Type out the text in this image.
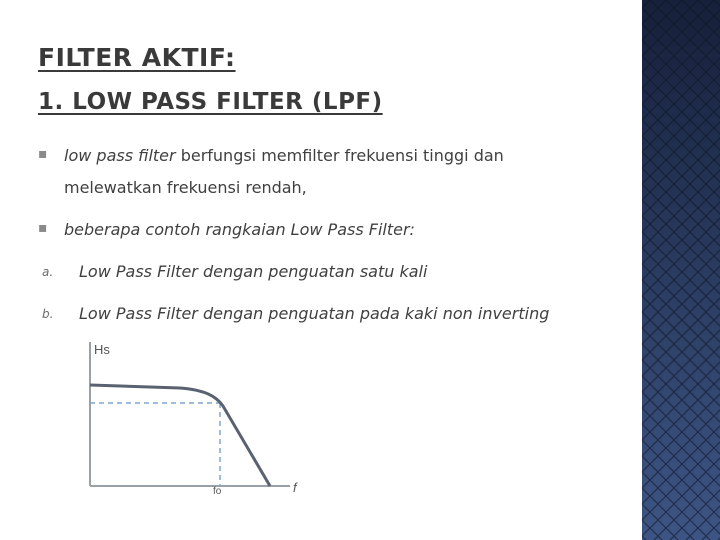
FILTER AKTIF:
1. LOW PASS FILTER (LPF)
▪	low pass filter berfungsi memfilter frekuensi tinggi dan
melewatkan frekuensi rendah,
▪	beberapa contoh rangkaian Low Pass Filter:
a. Low Pass Filter dengan penguatan satu kali
b. Low Pass Filter dengan penguatan pada kaki non inverting
Hs
f
fo
